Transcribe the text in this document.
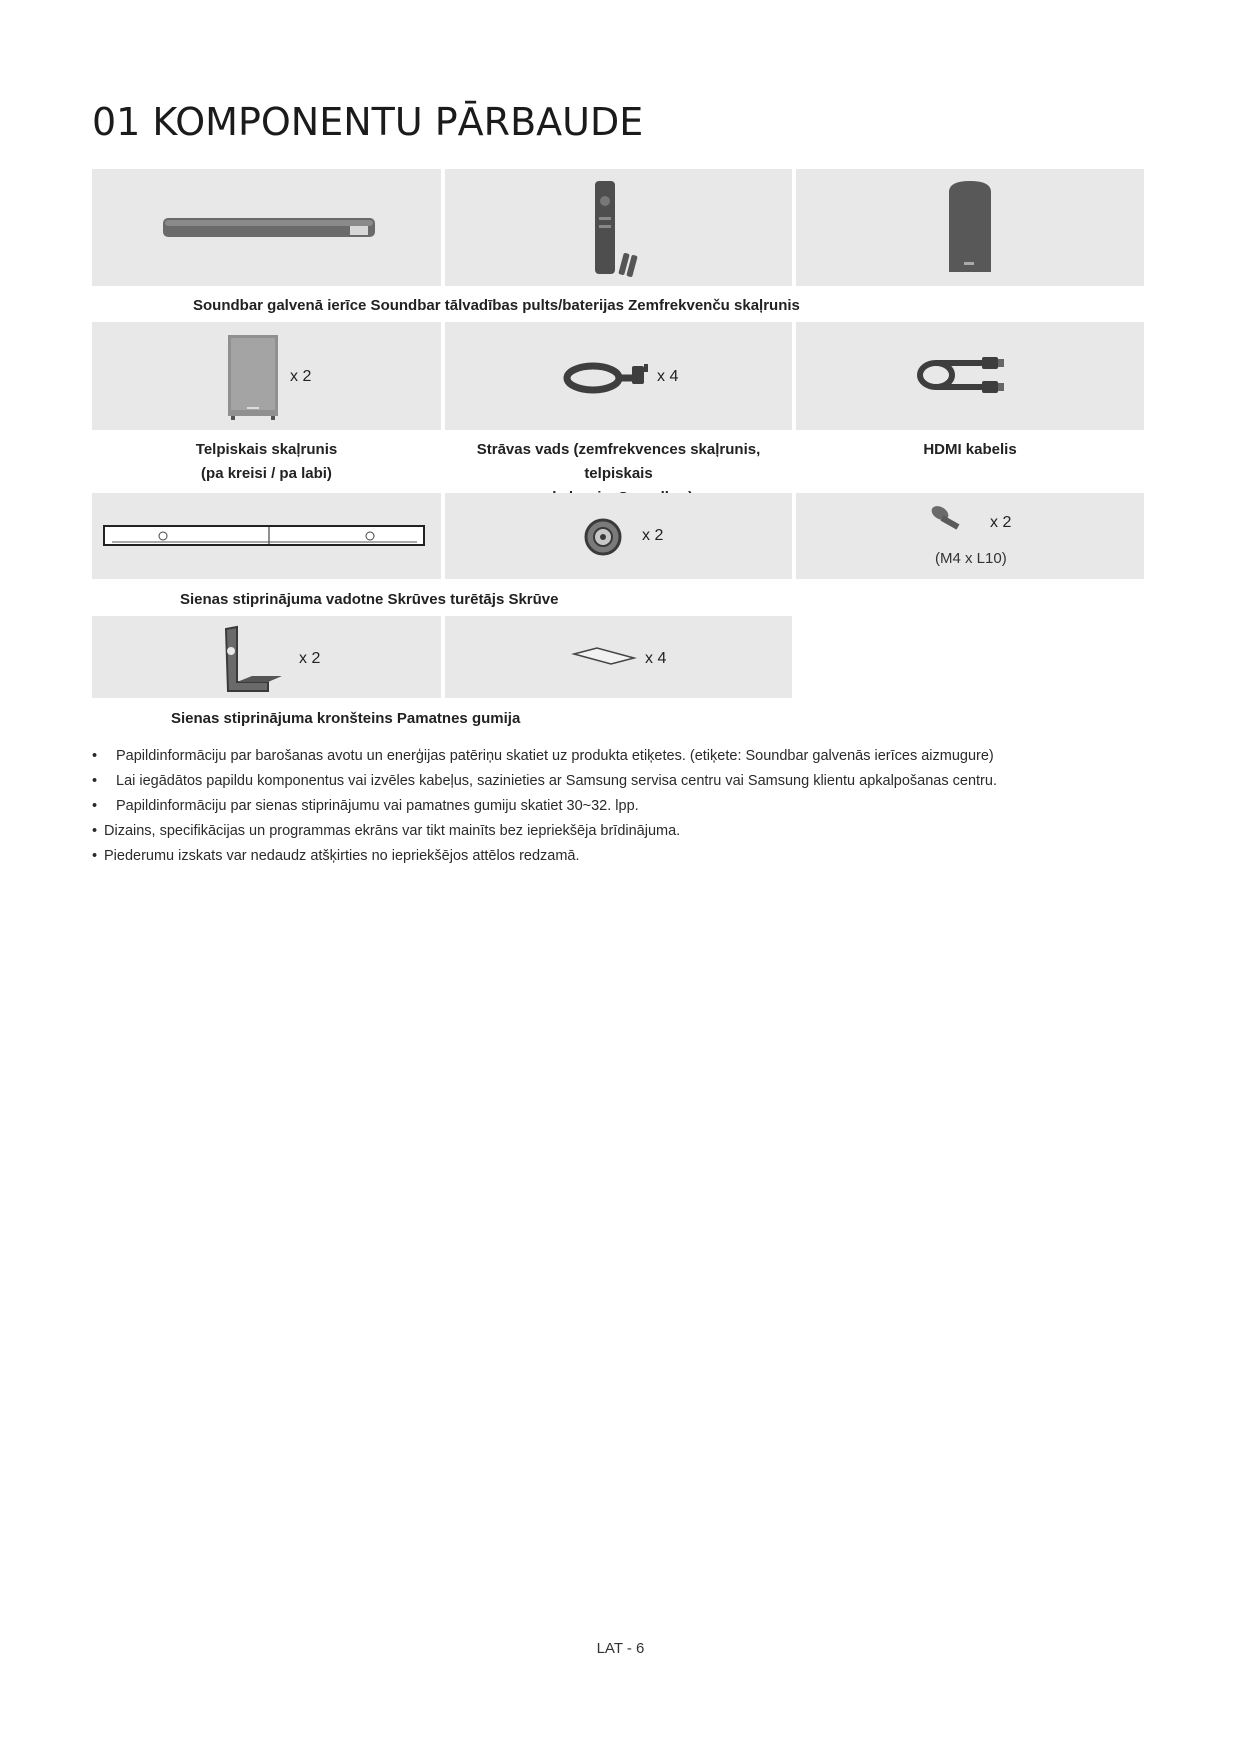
01 KOMPONENTU PĀRBAUDE
Soundbar galvenā ierīce Soundbar tālvadības pults/baterijas Zemfrekvenču skaļrunis
x 2	x 4
Telpiskais skaļrunis
(pa kreisi / pa labi)
Strāvas vads (zemfrekvences skaļrunis, telpiskais
HDMI kabelis
x 2
x 2
(M4 x L10)
Sienas stiprinājuma vadotne Skrūves turētājs Skrūve
x 2	x 4
Sienas stiprinājuma kronšteins Pamatnes gumija
• Papildinformāciju par barošanas avotu un enerģijas patēriņu skatiet uz produkta etiķetes. (etiķete: Soundbar galvenās ierīces aizmugure)
• Lai iegādātos papildu komponentus vai izvēles kabeļus, sazinieties ar Samsung servisa centru vai Samsung klientu apkalpošanas centru.
• Papildinformāciju par sienas stiprinājumu vai pamatnes gumiju skatiet 30~32. lpp.
• Dizains, specifikācijas un programmas ekrāns var tikt mainīts bez iepriekšēja brīdinājuma.
• Piederumu izskats var nedaudz atšķirties no iepriekšējos attēlos redzamā.
LAT - 6
